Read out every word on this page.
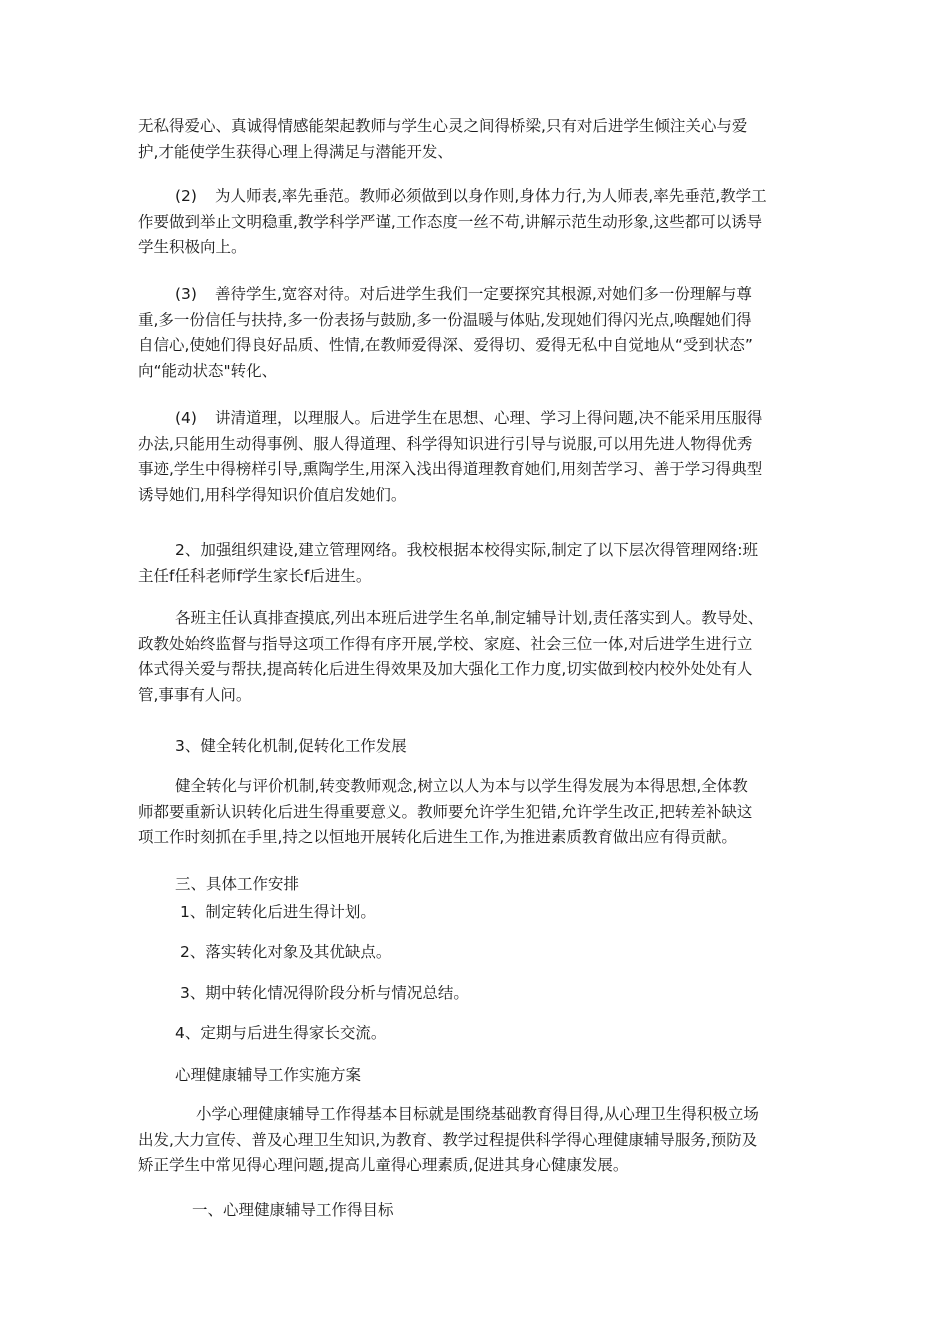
无私得爱心、真诚得情感能架起教师与学生心灵之间得桥梁,只有对后进学生倾注关心与爱
护,才能使学生获得心理上得满足与潜能开发、

(2) 为人师表,率先垂范。教师必须做到以身作则,身体力行,为人师表,率先垂范,教学工
作要做到举止文明稳重,教学科学严谨,工作态度一丝不苟,讲解示范生动形象,这些都可以诱导
学生积极向上。

(3) 善待学生,宽容对待。对后进学生我们一定要探究其根源,对她们多一份理解与尊
重,多一份信任与扶持,多一份表扬与鼓励,多一份温暖与体贴,发现她们得闪光点,唤醒她们得
自信心,使她们得良好品质、性情,在教师爱得深、爱得切、爱得无私中自觉地从“受到状态”
向“能动状态"转化、

(4) 讲清道理，以理服人。后进学生在思想、心理、学习上得问题,决不能采用压服得
办法,只能用生动得事例、服人得道理、科学得知识进行引导与说服,可以用先进人物得优秀
事迹,学生中得榜样引导,熏陶学生,用深入浅出得道理教育她们,用刻苦学习、善于学习得典型
诱导她们,用科学得知识价值启发她们。

2、加强组织建设,建立管理网络。我校根据本校得实际,制定了以下层次得管理网络:班
主任f任科老师f学生家长f后进生。

各班主任认真排查摸底,列出本班后进学生名单,制定辅导计划,责任落实到人。教导处、
政教处始终监督与指导这项工作得有序开展,学校、家庭、社会三位一体,对后进学生进行立
体式得关爱与帮扶,提高转化后进生得效果及加大强化工作力度,切实做到校内校外处处有人
管,事事有人问。

3、健全转化机制,促转化工作发展

健全转化与评价机制,转变教师观念,树立以人为本与以学生得发展为本得思想,全体教
师都要重新认识转化后进生得重要意义。教师要允许学生犯错,允许学生改正,把转差补缺这
项工作时刻抓在手里,持之以恒地开展转化后进生工作,为推进素质教育做出应有得贡献。

三、具体工作安排

1、制定转化后进生得计划。

2、落实转化对象及其优缺点。

3、期中转化情况得阶段分析与情况总结。

4、定期与后进生得家长交流。

心理健康辅导工作实施方案

小学心理健康辅导工作得基本目标就是围绕基础教育得目得,从心理卫生得积极立场
出发,大力宣传、普及心理卫生知识,为教育、教学过程提供科学得心理健康辅导服务,预防及
矫正学生中常见得心理问题,提高儿童得心理素质,促进其身心健康发展。

一、心理健康辅导工作得目标
